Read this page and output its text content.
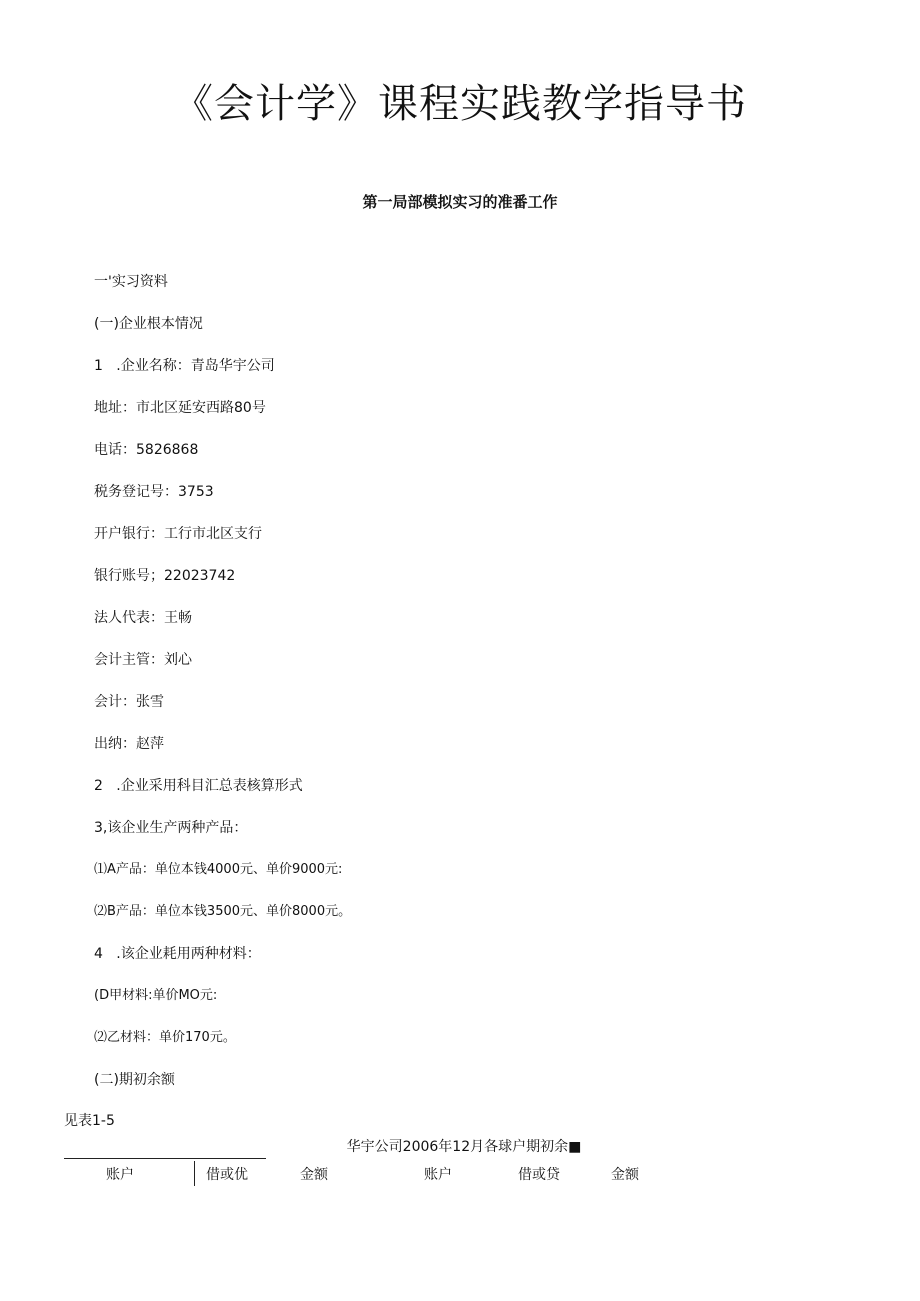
《会计学》课程实践教学指导书
第一局部模拟实习的准番工作
一'实习资料
(一)企业根本情况
1   .企业名称：青岛华宇公司
地址：市北区延安西路80号
电话：5826868
税务登记号：3753
开户银行：工行市北区支行
银行账号；22023742
法人代表：王畅
会计主管：刘心
会计：张雪
出纳：赵萍
2   .企业采用科目汇总表核算形式
3,该企业生产两种产品：
⑴A产品：单位本钱4000元、单价9000元:
⑵B产品：单位本钱3500元、单价8000元。
4   .该企业耗用两种材料：
(D甲材料:单价MO元:
⑵乙材料：单价170元。
(二)期初余额
见表1-5
华宇公司2006年12月各球户期初余■
账户	借或优	金额	账户	借或贷	金额
